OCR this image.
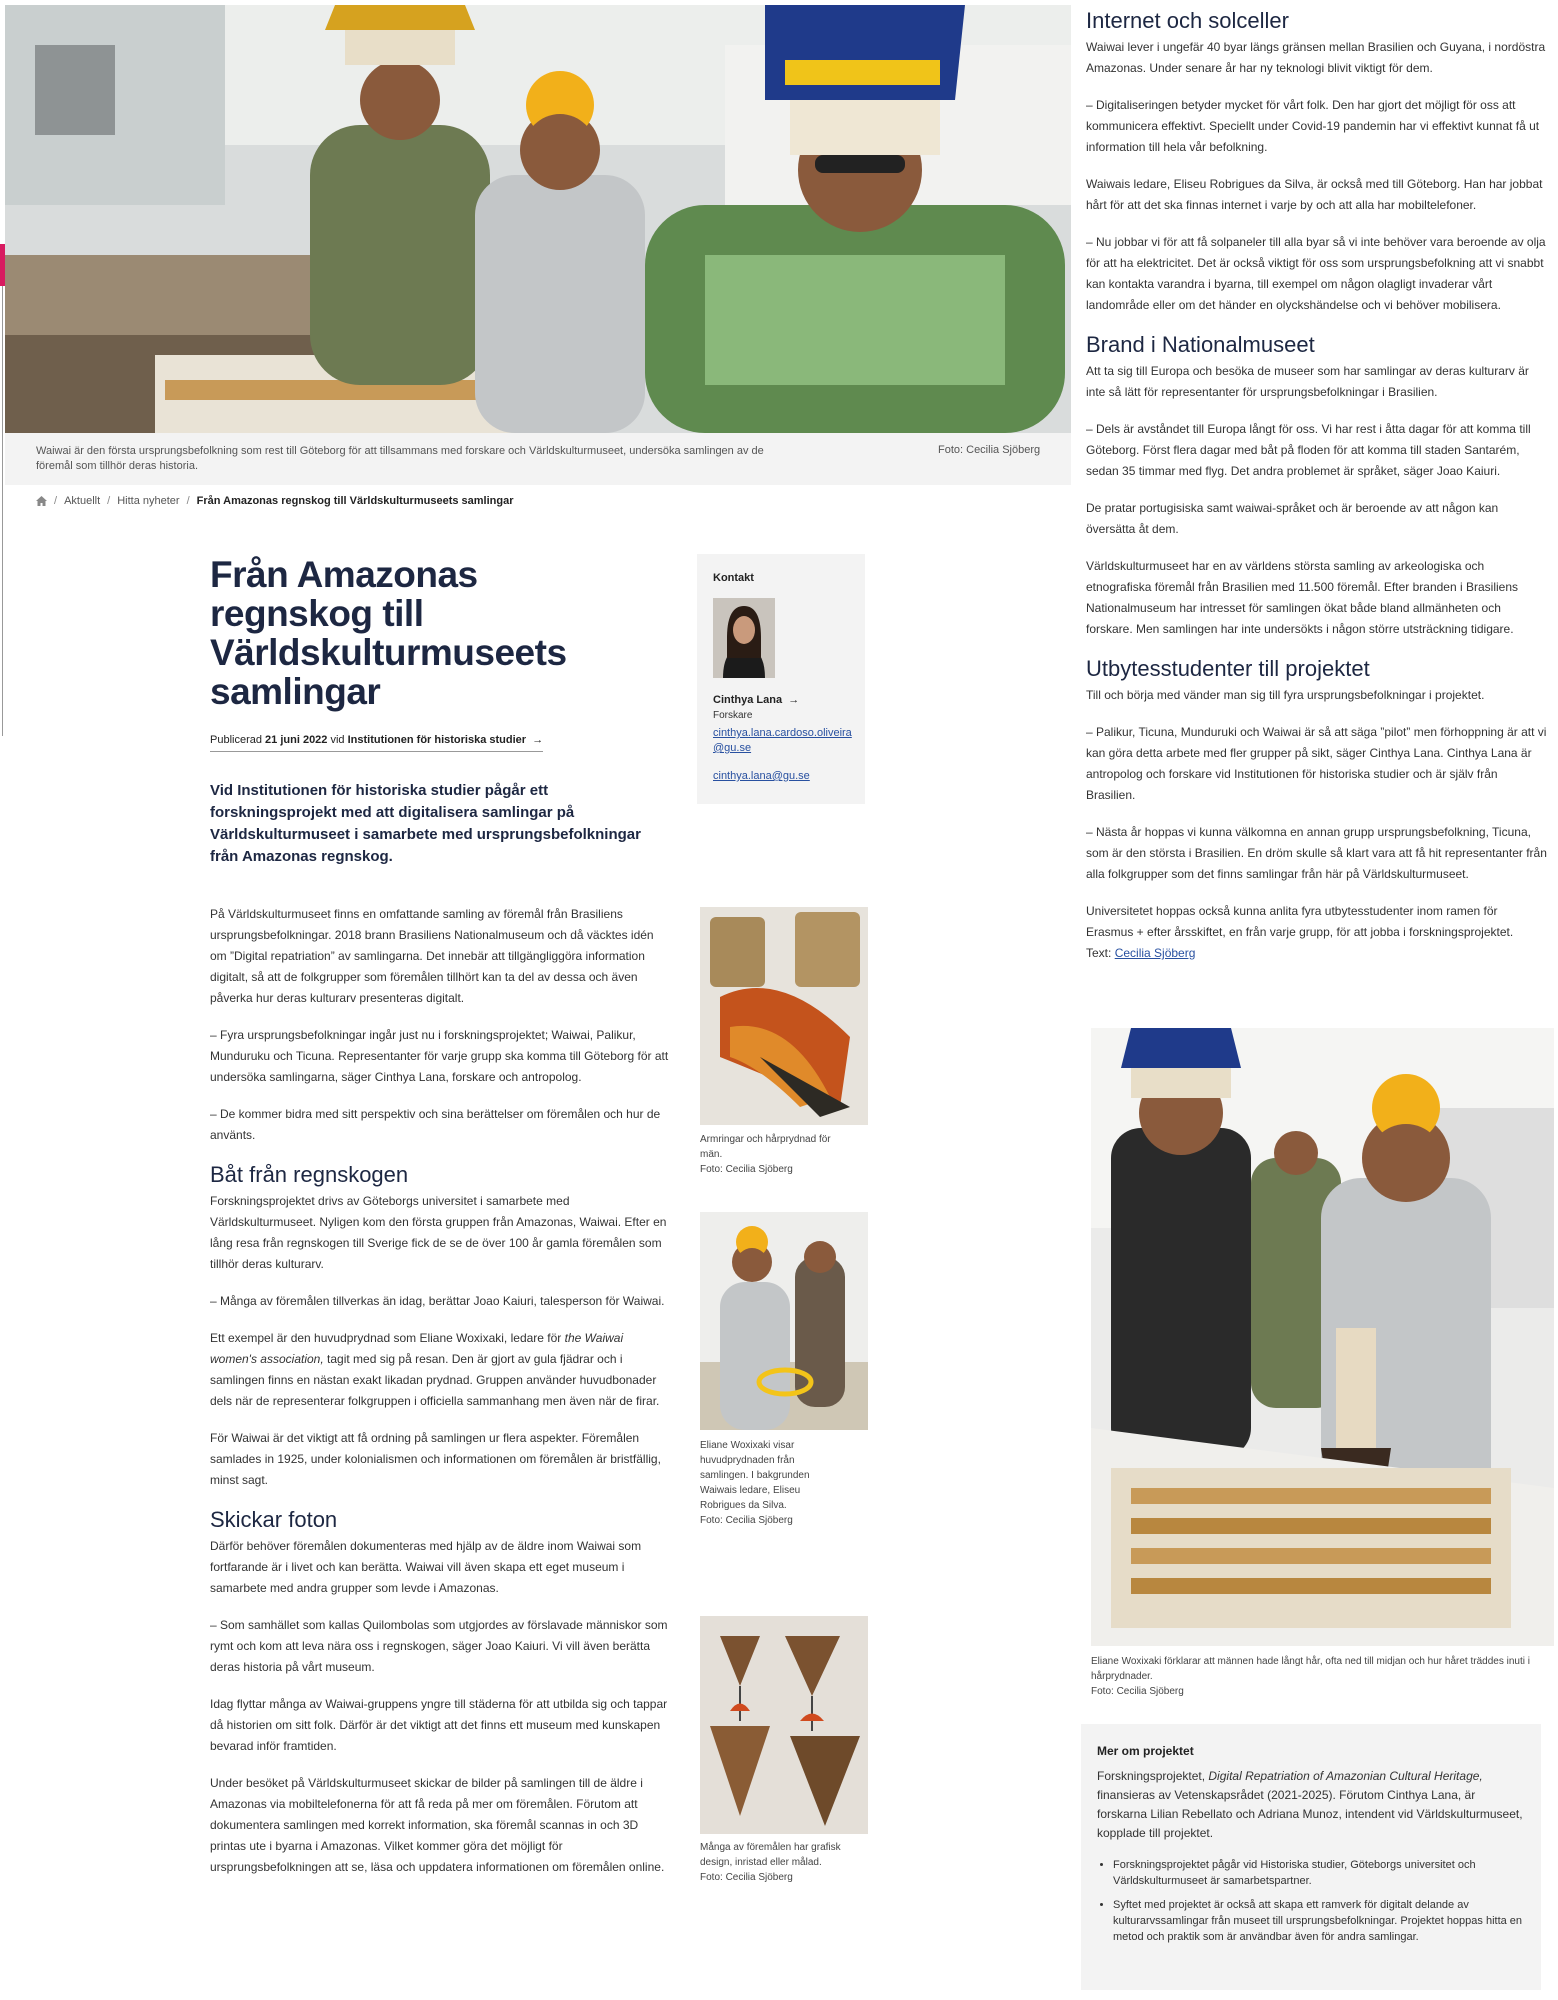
Waiwai är den första ursprungsbefolkning som rest till Göteborg för att tillsammans med forskare och Världskulturmuseet, undersöka samlingen av de föremål som tillhör deras historia.
Foto: Cecilia Sjöberg
/ Aktuellt / Hitta nyheter / Från Amazonas regnskog till Världskulturmuseets samlingar
Från Amazonas regnskog till Världskulturmuseets samlingar
Publicerad 21 juni 2022 vid Institutionen för historiska studier  →

Vid Institutionen för historiska studier pågår ett forskningsprojekt med att digitalisera samlingar på Världskulturmuseet i samarbete med ursprungsbefolkningar från Amazonas regnskog.

Kontakt
Cinthya Lana  →
Forskare
cinthya.lana.cardoso.oliveira@gu.se
cinthya.lana@gu.se

På Världskulturmuseet finns en omfattande samling av föremål från Brasiliens ursprungsbefolkningar. 2018 brann Brasiliens Nationalmuseum och då väcktes idén om ”Digital repatriation” av samlingarna. Det innebär att tillgängliggöra information digitalt, så att de folkgrupper som föremålen tillhört kan ta del av dessa och även påverka hur deras kulturarv presenteras digitalt.

– Fyra ursprungsbefolkningar ingår just nu i forskningsprojektet; Waiwai, Palikur, Munduruku och Ticuna. Representanter för varje grupp ska komma till Göteborg för att undersöka samlingarna, säger Cinthya Lana, forskare och antropolog.

– De kommer bidra med sitt perspektiv och sina berättelser om föremålen och hur de använts.

Båt från regnskogen

Forskningsprojektet drivs av Göteborgs universitet i samarbete med Världskulturmuseet. Nyligen kom den första gruppen från Amazonas, Waiwai. Efter en lång resa från regnskogen till Sverige fick de se de över 100 år gamla föremålen som tillhör deras kulturarv.

– Många av föremålen tillverkas än idag, berättar Joao Kaiuri, talesperson för Waiwai.

Ett exempel är den huvudprydnad som Eliane Woxixaki, ledare för the Waiwai women's association, tagit med sig på resan. Den är gjort av gula fjädrar och i samlingen finns en nästan exakt likadan prydnad. Gruppen använder huvudbonader dels när de representerar folkgruppen i officiella sammanhang men även när de firar.

För Waiwai är det viktigt att få ordning på samlingen ur flera aspekter. Föremålen samlades in 1925, under kolonialismen och informationen om föremålen är bristfällig, minst sagt.

Skickar foton

Därför behöver föremålen dokumenteras med hjälp av de äldre inom Waiwai som fortfarande är i livet och kan berätta. Waiwai vill även skapa ett eget museum i samarbete med andra grupper som levde i Amazonas.

– Som samhället som kallas Quilombolas som utgjordes av förslavade människor som rymt och kom att leva nära oss i regnskogen, säger Joao Kaiuri. Vi vill även berätta deras historia på vårt museum.

Idag flyttar många av Waiwai-gruppens yngre till städerna för att utbilda sig och tappar då historien om sitt folk. Därför är det viktigt att det finns ett museum med kunskapen bevarad inför framtiden.

Under besöket på Världskulturmuseet skickar de bilder på samlingen till de äldre i Amazonas via mobiltelefonerna för att få reda på mer om föremålen. Förutom att dokumentera samlingen med korrekt information, ska föremål scannas in och 3D printas ute i byarna i Amazonas. Vilket kommer göra det möjligt för ursprungsbefolkningen att se, läsa och uppdatera informationen om föremålen online.

Armringar och hårprydnad för män.
Foto: Cecilia Sjöberg
Eliane Woxixaki visar huvudprydnaden från samlingen. I bakgrunden Waiwais ledare, Eliseu Robrigues da Silva.
Foto: Cecilia Sjöberg
Många av föremålen har grafisk design, inristad eller målad.
Foto: Cecilia Sjöberg
Internet och solceller

Waiwai lever i ungefär 40 byar längs gränsen mellan Brasilien och Guyana, i nordöstra Amazonas. Under senare år har ny teknologi blivit viktigt för dem.

– Digitaliseringen betyder mycket för vårt folk. Den har gjort det möjligt för oss att kommunicera effektivt. Speciellt under Covid-19 pandemin har vi effektivt kunnat få ut information till hela vår befolkning.

Waiwais ledare, Eliseu Robrigues da Silva, är också med till Göteborg. Han har jobbat hårt för att det ska finnas internet i varje by och att alla har mobiltelefoner.

– Nu jobbar vi för att få solpaneler till alla byar så vi inte behöver vara beroende av olja för att ha elektricitet. Det är också viktigt för oss som ursprungsbefolkning att vi snabbt kan kontakta varandra i byarna, till exempel om någon olagligt invaderar vårt landområde eller om det händer en olyckshändelse och vi behöver mobilisera.

Brand i Nationalmuseet

Att ta sig till Europa och besöka de museer som har samlingar av deras kulturarv är inte så lätt för representanter för ursprungsbefolkningar i Brasilien.

– Dels är avståndet till Europa långt för oss. Vi har rest i åtta dagar för att komma till Göteborg. Först flera dagar med båt på floden för att komma till staden Santarém, sedan 35 timmar med flyg. Det andra problemet är språket, säger Joao Kaiuri.

De pratar portugisiska samt waiwai-språket och är beroende av att någon kan översätta åt dem.

Världskulturmuseet har en av världens största samling av arkeologiska och etnografiska föremål från Brasilien med 11.500 föremål. Efter branden i Brasiliens Nationalmuseum har intresset för samlingen ökat både bland allmänheten och forskare. Men samlingen har inte undersökts i någon större utsträckning tidigare.

Utbytesstudenter till projektet

Till och börja med vänder man sig till fyra ursprungsbefolkningar i projektet.

– Palikur, Ticuna, Munduruki och Waiwai är så att säga ”pilot” men förhoppning är att vi kan göra detta arbete med fler grupper på sikt, säger Cinthya Lana. Cinthya Lana är antropolog och forskare vid Institutionen för historiska studier och är själv från Brasilien.

– Nästa år hoppas vi kunna välkomna en annan grupp ursprungsbefolkning, Ticuna, som är den största i Brasilien. En dröm skulle så klart vara att få hit representanter från alla folkgrupper som det finns samlingar från här på Världskulturmuseet.

Universitetet hoppas också kunna anlita fyra utbytesstudenter inom ramen för Erasmus + efter årsskiftet, en från varje grupp, för att jobba i forskningsprojektet.
Text: Cecilia Sjöberg

Eliane Woxixaki förklarar att männen hade långt hår, ofta ned till midjan och hur håret träddes inuti i hårprydnader.
Foto: Cecilia Sjöberg
Mer om projektet

Forskningsprojektet, Digital Repatriation of Amazonian Cultural Heritage, finansieras av Vetenskapsrådet (2021-2025). Förutom Cinthya Lana, är forskarna Lilian Rebellato och Adriana Munoz, intendent vid Världskulturmuseet, kopplade till projektet.

• Forskningsprojektet pågår vid Historiska studier, Göteborgs universitet och Världskulturmuseet är samarbetspartner.
• Syftet med projektet är också att skapa ett ramverk för digitalt delande av kulturarvssamlingar från museet till ursprungsbefolkningar. Projektet hoppas hitta en metod och praktik som är användbar även för andra samlingar.
